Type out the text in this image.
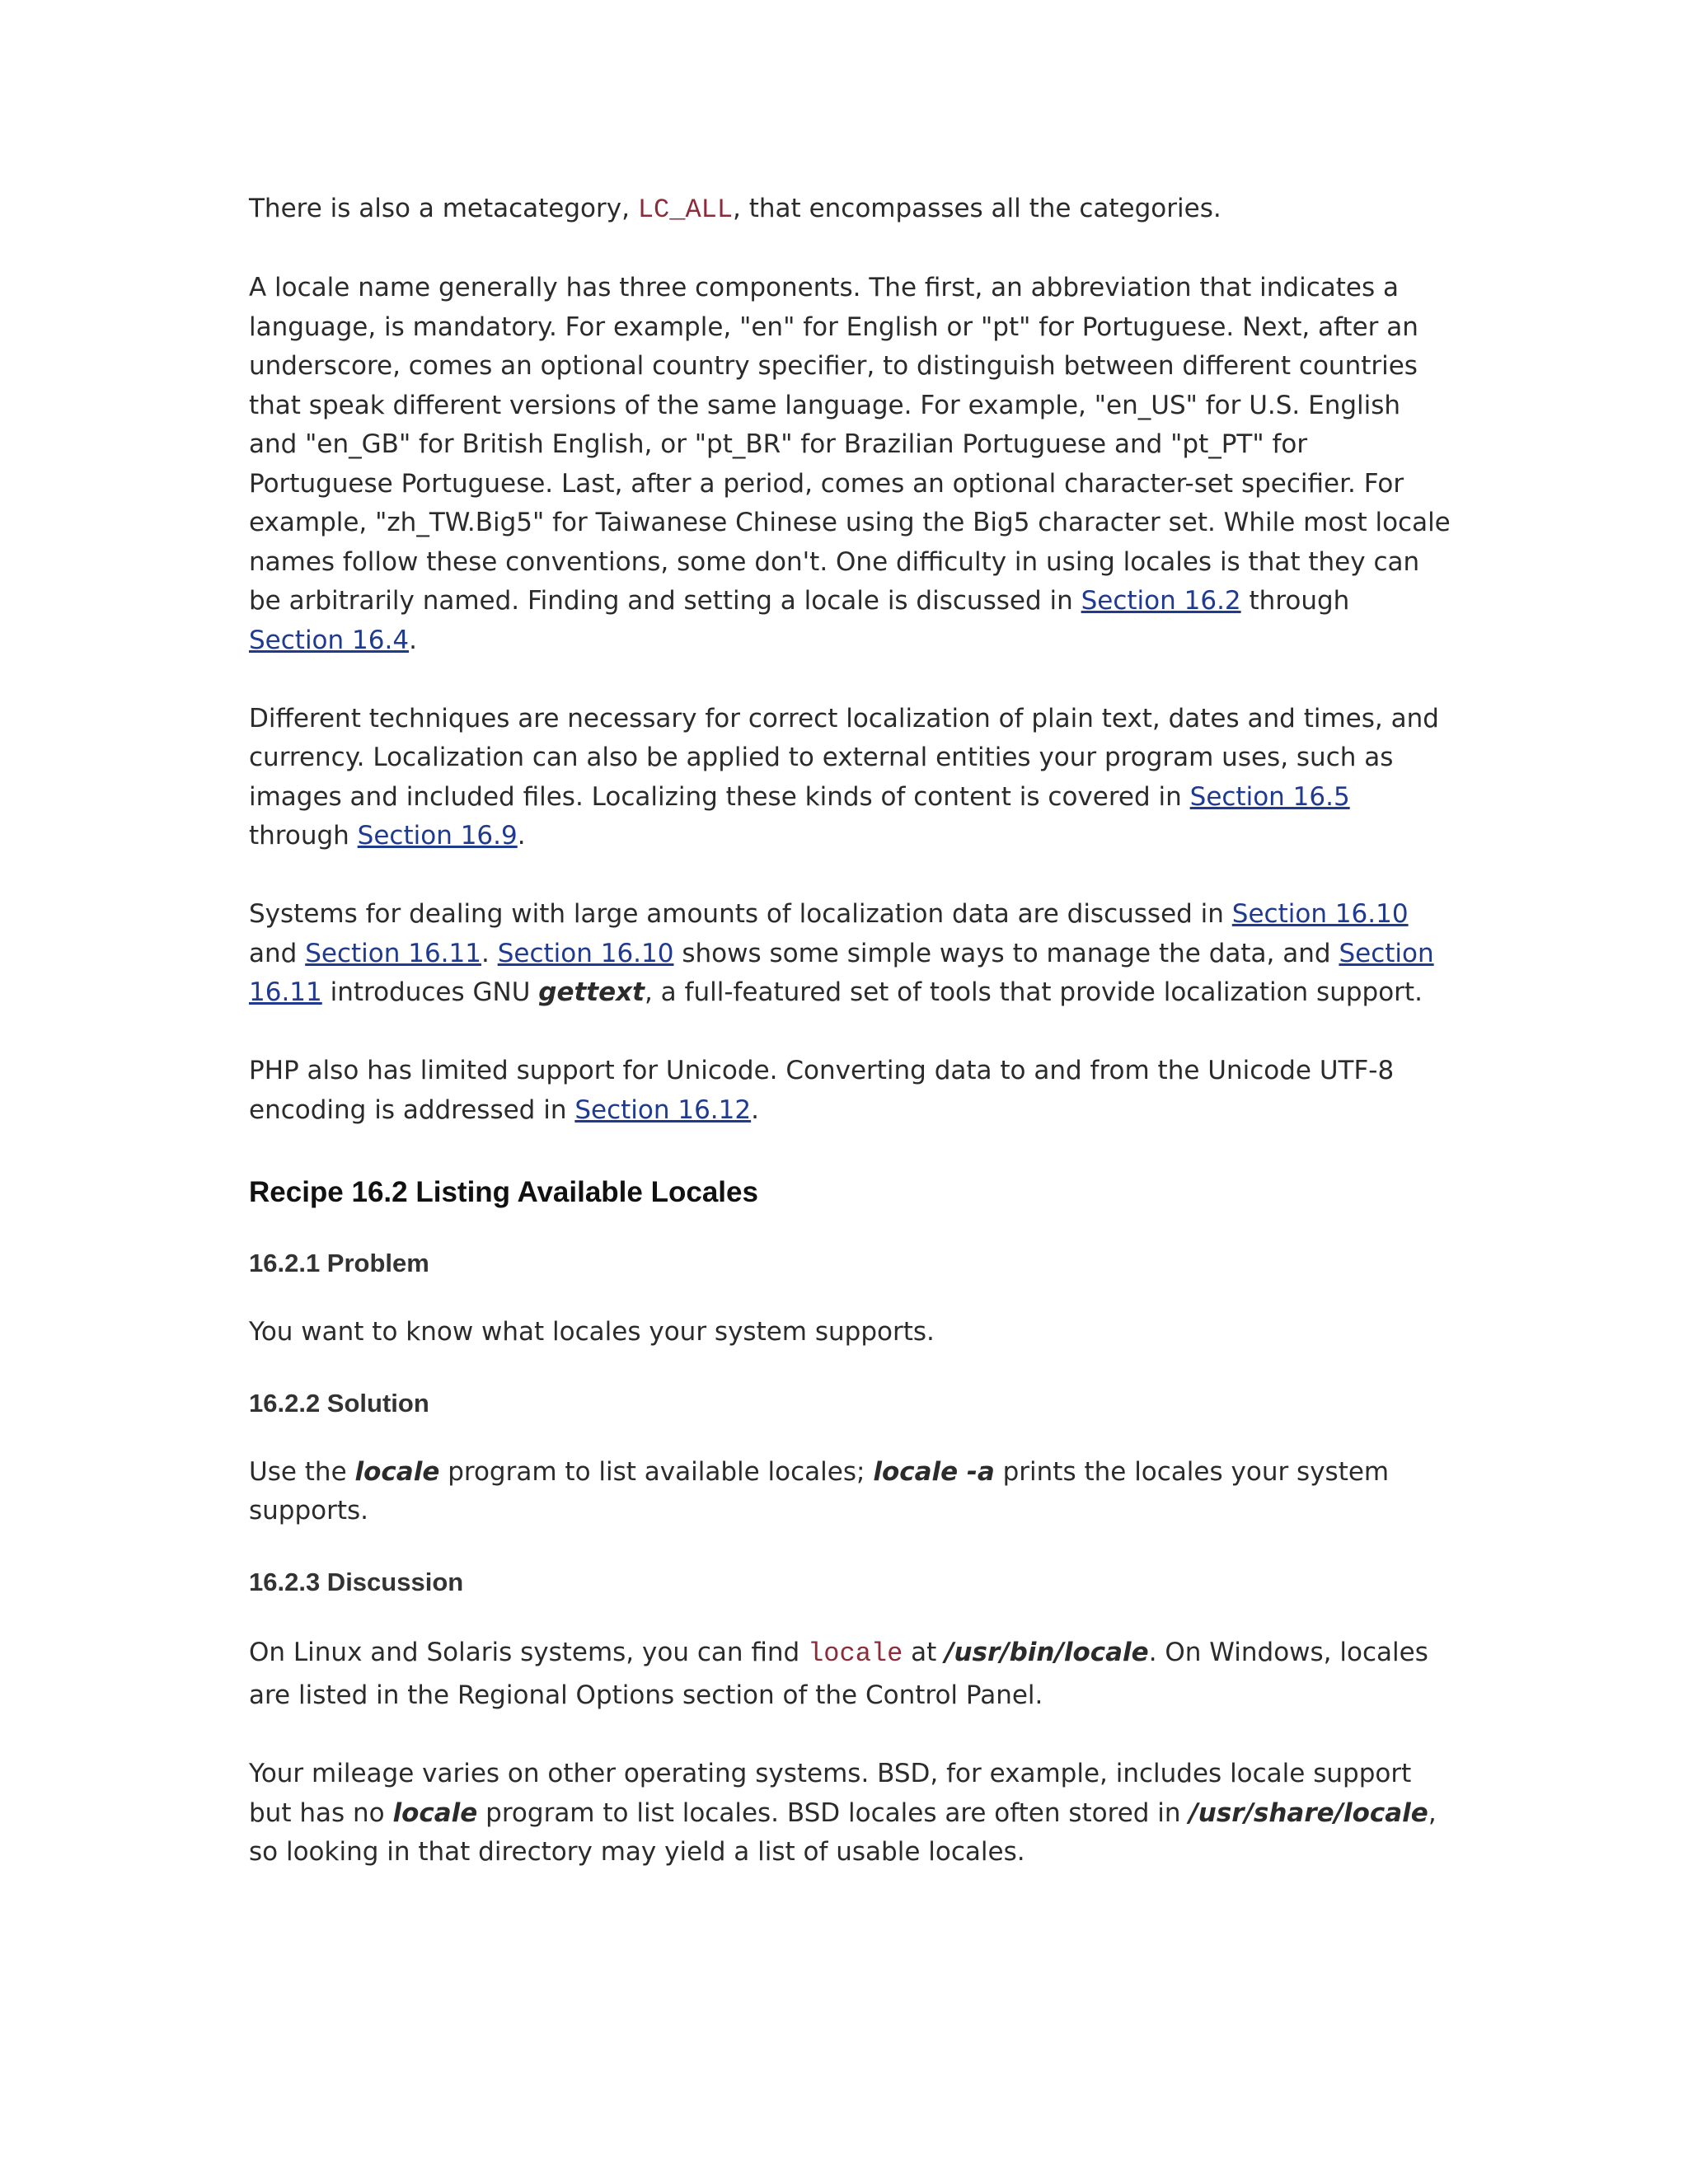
There is also a metacategory, LC_ALL, that encompasses all the categories.

A locale name generally has three components. The first, an abbreviation that indicates a language, is mandatory. For example, "en" for English or "pt" for Portuguese. Next, after an underscore, comes an optional country specifier, to distinguish between different countries that speak different versions of the same language. For example, "en_US" for U.S. English and "en_GB" for British English, or "pt_BR" for Brazilian Portuguese and "pt_PT" for Portuguese Portuguese. Last, after a period, comes an optional character-set specifier. For example, "zh_TW.Big5" for Taiwanese Chinese using the Big5 character set. While most locale names follow these conventions, some don't. One difficulty in using locales is that they can be arbitrarily named. Finding and setting a locale is discussed in Section 16.2 through Section 16.4.

Different techniques are necessary for correct localization of plain text, dates and times, and currency. Localization can also be applied to external entities your program uses, such as images and included files. Localizing these kinds of content is covered in Section 16.5 through Section 16.9.

Systems for dealing with large amounts of localization data are discussed in Section 16.10 and Section 16.11. Section 16.10 shows some simple ways to manage the data, and Section 16.11 introduces GNU gettext, a full-featured set of tools that provide localization support.

PHP also has limited support for Unicode. Converting data to and from the Unicode UTF-8 encoding is addressed in Section 16.12.

Recipe 16.2 Listing Available Locales
16.2.1 Problem

You want to know what locales your system supports.

16.2.2 Solution

Use the locale program to list available locales; locale -a prints the locales your system supports.

16.2.3 Discussion

On Linux and Solaris systems, you can find locale at /usr/bin/locale. On Windows, locales are listed in the Regional Options section of the Control Panel.

Your mileage varies on other operating systems. BSD, for example, includes locale support but has no locale program to list locales. BSD locales are often stored in /usr/share/locale, so looking in that directory may yield a list of usable locales.
